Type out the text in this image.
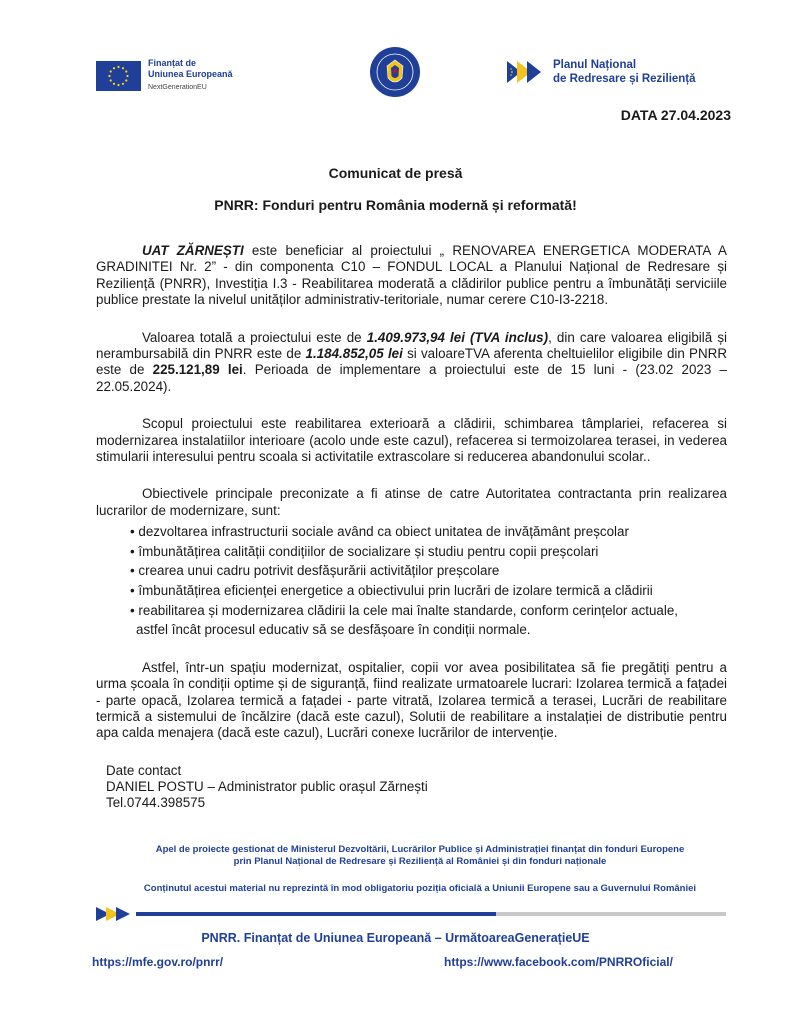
Finanțat de
Uniunea Europeană
NextGenerationEU
Planul Național
de Redresare și Reziliență
DATA 27.04.2023
Comunicat de presă
PNRR: Fonduri pentru România modernă și reformată!

UAT ZĂRNEȘTI este beneficiar al proiectului „ RENOVAREA ENERGETICA MODERATA A GRADINITEI Nr. 2” - din componenta C10 – FONDUL LOCAL a Planului Național de Redresare și Reziliență (PNRR), Investiția I.3 - Reabilitarea moderată a clădirilor publice pentru a îmbunătăți serviciile publice prestate la nivelul unităților administrativ-teritoriale, numar cerere C10-I3-2218.

Valoarea totală a proiectului este de 1.409.973,94 lei (TVA inclus), din care valoarea eligibilă și nerambursabilă din PNRR este de 1.184.852,05 lei si valoareTVA aferenta cheltuielilor eligibile din PNRR este de 225.121,89 lei. Perioada de implementare a proiectului este de 15 luni - (23.02 2023 – 22.05.2024).

Scopul proiectului este reabilitarea exterioară a clădirii, schimbarea tâmplariei, refacerea si modernizarea instalatiilor interioare (acolo unde este cazul), refacerea si termoizolarea terasei, in vederea stimularii interesului pentru scoala si activitatile extrascolare si reducerea abandonului scolar..

Obiectivele principale preconizate a fi atinse de catre Autoritatea contractanta prin realizarea lucrarilor de modernizare, sunt:

• dezvoltarea infrastructurii sociale având ca obiect unitatea de invățământ preșcolar
• îmbunătățirea calității condițiilor de socializare și studiu pentru copii preșcolari
• crearea unui cadru potrivit desfășurării activităților preșcolare
• îmbunătățirea eficienței energetice a obiectivului prin lucrări de izolare termică a clădirii
• reabilitarea și modernizarea clădirii la cele mai înalte standarde, conform cerințelor actuale,
astfel încât procesul educativ să se desfășoare în condiții normale.

Astfel, într-un spațiu modernizat, ospitalier, copii vor avea posibilitatea să fie pregătiți pentru a urma școala în condiții optime și de siguranță, fiind realizate urmatoarele lucrari: Izolarea termică a fațadei - parte opacă, Izolarea termică a fațadei - parte vitrată, Izolarea termică a terasei, Lucrări de reabilitare termică a sistemului de încălzire (dacă este cazul), Solutii de reabilitare a instalației de distributie pentru apa calda menajera (dacă este cazul), Lucrări conexe lucrărilor de intervenție.

Date contact
DANIEL POSTU – Administrator public orașul Zărnești
Tel.0744.398575
Apel de proiecte gestionat de Ministerul Dezvoltării, Lucrărilor Publice și Administrației finanțat din fonduri Europene
prin Planul Național de Redresare și Reziliență al României și din fonduri naționale
Conținutul acestui material nu reprezintă în mod obligatoriu poziția oficială a Uniunii Europene sau a Guvernului României
PNRR. Finanțat de Uniunea Europeană – UrmătoareaGenerațieUE
https://mfe.gov.ro/pnrr/	https://www.facebook.com/PNRROficial/
